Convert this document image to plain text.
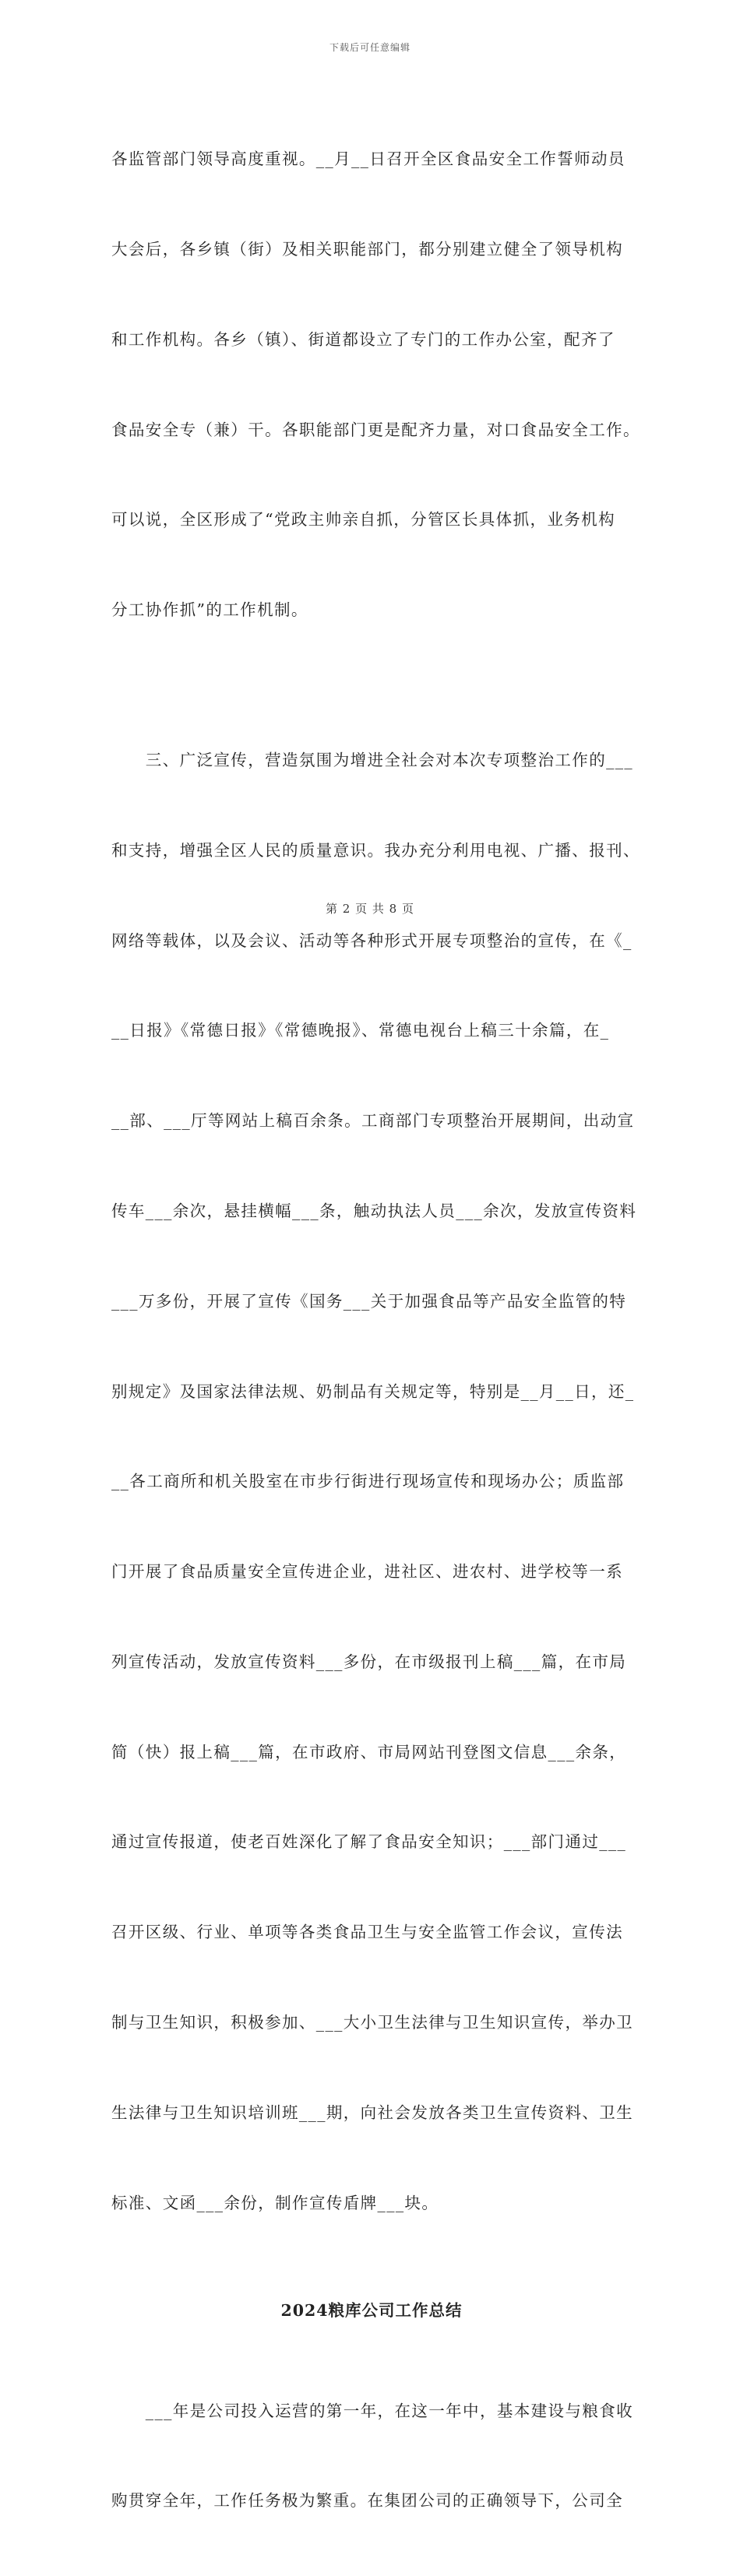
下载后可任意编辑

各监管部门领导高度重视。__月__日召开全区食品安全工作誓师动员

大会后，各乡镇（街）及相关职能部门，都分别建立健全了领导机构

和工作机构。各乡（镇）、街道都设立了专门的工作办公室，配齐了

食品安全专（兼）干。各职能部门更是配齐力量，对口食品安全工作。

可以说，全区形成了“党政主帅亲自抓，分管区长具体抓，业务机构

分工协作抓”的工作机制。

　　三、广泛宣传，营造氛围为增进全社会对本次专项整治工作的___

和支持，增强全区人民的质量意识。我办充分利用电视、广播、报刊、

网络等载体，以及会议、活动等各种形式开展专项整治的宣传，在《_

__日报》《常德日报》《常德晚报》、常德电视台上稿三十余篇，在_

__部、___厅等网站上稿百余条。工商部门专项整治开展期间，出动宣

传车___余次，悬挂横幅___条，触动执法人员___余次，发放宣传资料

___万多份，开展了宣传《国务___关于加强食品等产品安全监管的特

别规定》及国家法律法规、奶制品有关规定等，特别是__月__日，还_

__各工商所和机关股室在市步行街进行现场宣传和现场办公；质监部

门开展了食品质量安全宣传进企业，进社区、进农村、进学校等一系

列宣传活动，发放宣传资料___多份，在市级报刊上稿___篇，在市局

简（快）报上稿___篇，在市政府、市局网站刊登图文信息___余条，

通过宣传报道，使老百姓深化了解了食品安全知识；___部门通过___

召开区级、行业、单项等各类食品卫生与安全监管工作会议，宣传法

制与卫生知识，积极参加、___大小卫生法律与卫生知识宣传，举办卫

生法律与卫生知识培训班___期，向社会发放各类卫生宣传资料、卫生

标准、文函___余份，制作宣传盾牌___块。

2024粮库公司工作总结

　　___年是公司投入运营的第一年，在这一年中，基本建设与粮食收

购贯穿全年，工作任务极为繁重。在集团公司的正确领导下，公司全

第 2 页 共 8 页
